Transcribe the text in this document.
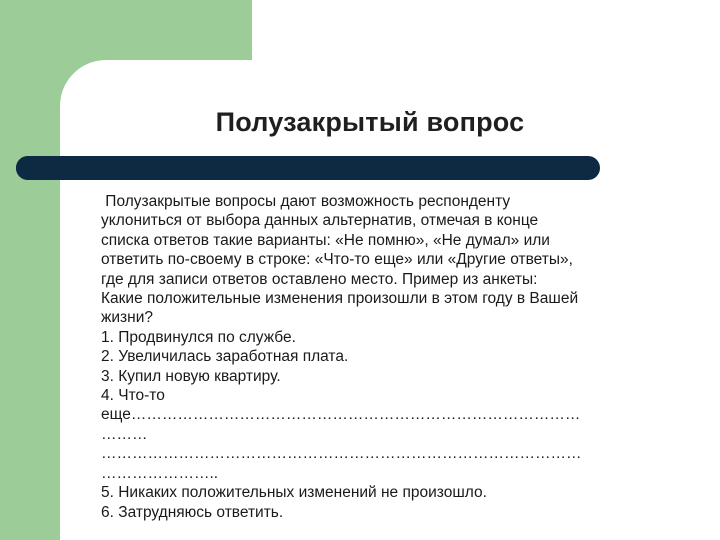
Полузакрытый вопрос
Полузакрытые вопросы дают возможность респонденту
уклониться от выбора данных альтернатив, отмечая в конце
списка ответов такие варианты: «Не помню», «Не думал» или
ответить по-своему в строке: «Что-то еще» или «Другие ответы»,
где для записи ответов оставлено место. Пример из анкеты:
Какие положительные изменения произошли в этом году в Вашей
жизни?
1. Продвинулся по службе.
2. Увеличилась заработная плата.
3. Купил новую квартиру.
4. Что-то
еще……………………………………………………………………………
………
…………………………………………………………………………………
…………………..
5. Никаких положительных изменений не произошло.
6. Затрудняюсь ответить.
